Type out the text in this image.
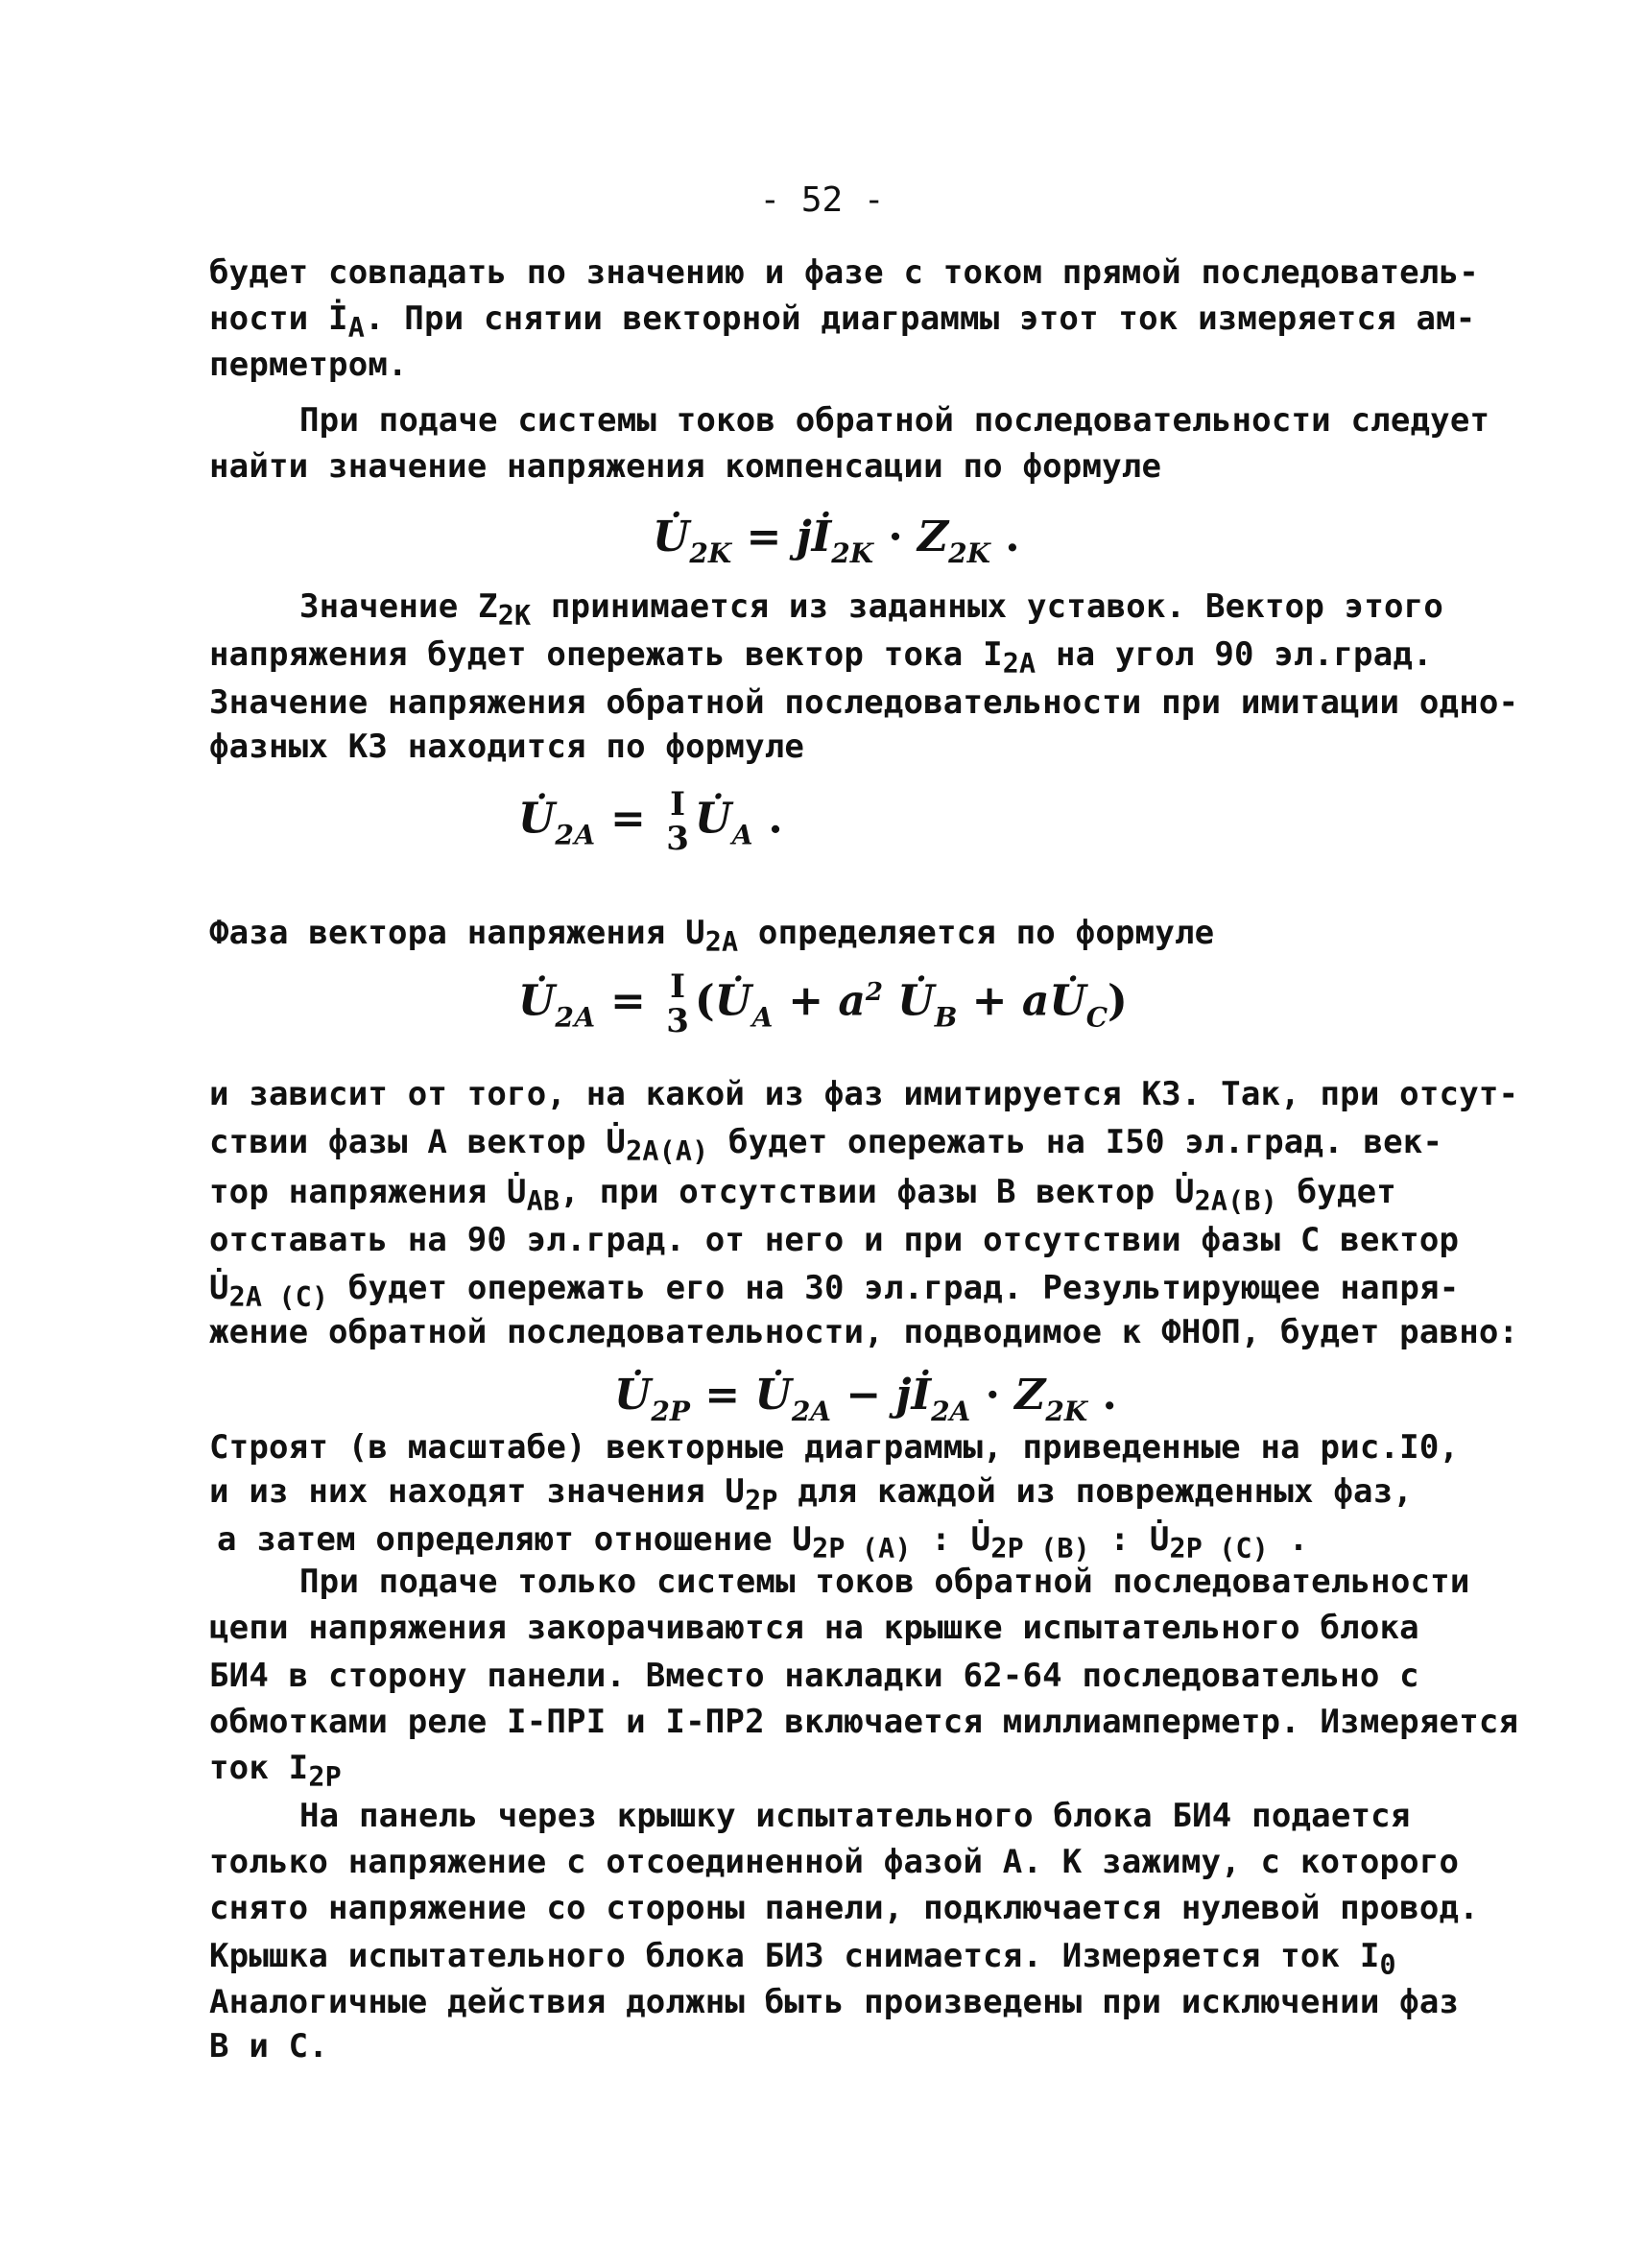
- 52 -
будет совпадать по значению и фазе с током прямой последователь-
ности $İ_А$. При снятии векторной диаграммы этот ток измеряется ам-
перметром.
При подаче системы токов обратной последовательности следует
найти значение напряжения компенсации по формуле
$U̇_{2K}$ = $jİ_{2K} \cdot Z_{2K}$ .
Значение $Z_{2К}$ принимается из заданных уставок. Вектор этого
напряжения будет опережать вектор тока $I_{2А}$ на угол 90 эл.град.
Значение напряжения обратной последовательности при имитации одно-
фазных КЗ находится по формуле
$U̇_{2А} = I$
3 $U̇_А$ .
Фаза вектора напряжения $U_{2А}$ определяется по формуле
$U̇_{2А} = I$
3 ($U̇_А + a^2$ $U̇_В$ + $aU̇_С$)
и зависит от того, на какой из фаз имитируется КЗ. Так, при отсут-
ствии фазы А вектор $U̇_{2А(А)}$ будет опережать на I50 эл.град. век-
тор напряжения $U̇_{АВ}$, при отсутствии фазы В вектор $U̇_{2А(В)}$ будет
отставать на 90 эл.град. от него и при отсутствии фазы С вектор
$U̇_{2А (С)}$ будет опережать его на 30 эл.град. Результирующее напря-
жение обратной последовательности, подводимое к ФНОП, будет равно:
$U̇_{2Р}$ = $U̇_{2A}$ − $jİ_{2A} \cdot Z_{2K}$ .
Строят (в масштабе) векторные диаграммы, приведенные на рис.I0,
и из них находят значения $U_{2Р}$ для каждой из поврежденных фаз,
а затем определяют отношение $U_{2Р (А)}$ : $U̇_{2Р (В)}$ : $U̇_{2Р (С)}$ .
При подаче только системы токов обратной последовательности
цепи напряжения закорачиваются на крышке испытательного блока
БИ4 в сторону панели. Вместо накладки 62-64 последовательно с
обмотками реле I-ПРI и I-ПР2 включается миллиамперметр. Измеряется
ток $I_{2Р}$
На панель через крышку испытательного блока БИ4 подается
только напряжение с отсоединенной фазой А. К зажиму, с которого
снято напряжение со стороны панели, подключается нулевой провод.
Крышка испытательного блока БИЗ снимается. Измеряется ток $I_0$
Аналогичные действия должны быть произведены при исключении фаз
В и С.
